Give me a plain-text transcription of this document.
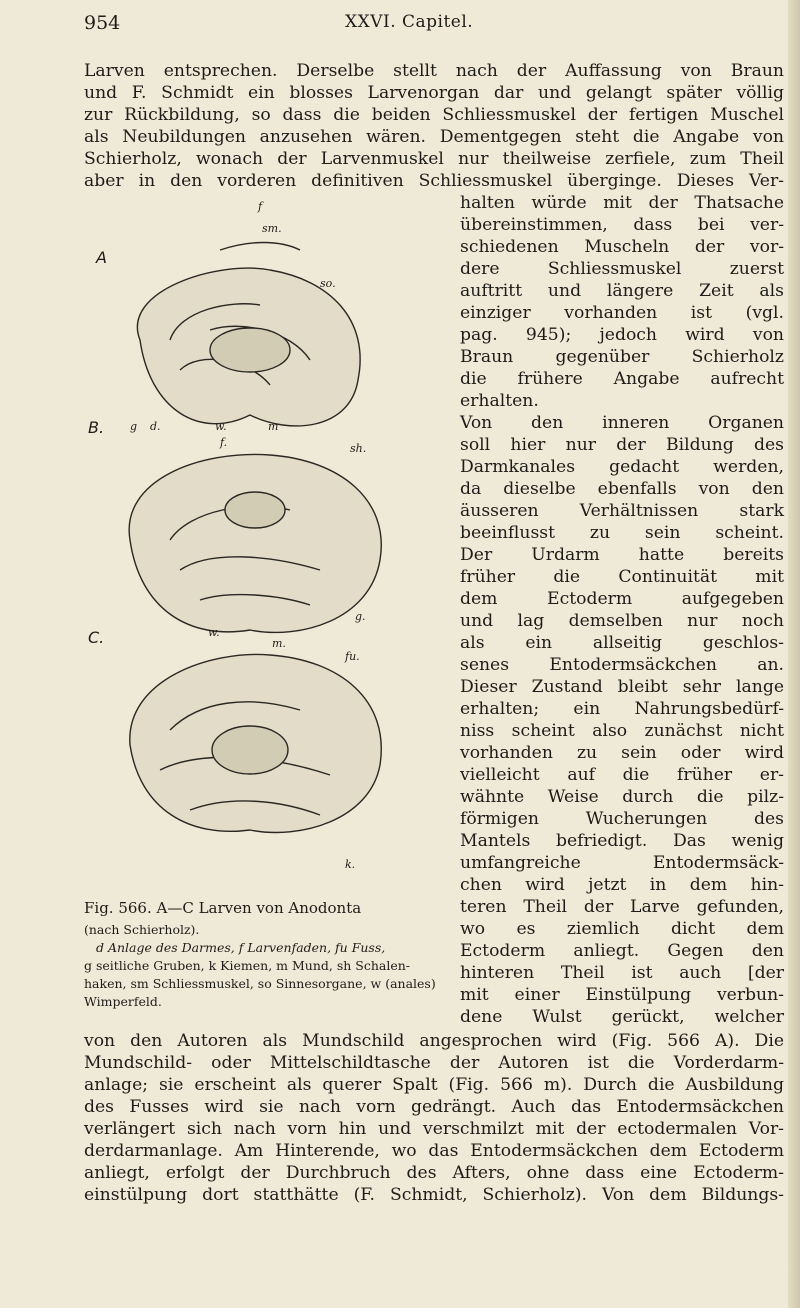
954	XXVI. Capitel.
Larven entsprechen. Derselbe stellt nach der Auffassung von Braun
und F. Schmidt ein blosses Larvenorgan dar und gelangt später völlig
zur Rückbildung, so dass die beiden Schliessmuskel der fertigen Muschel
als Neubildungen anzusehen wären. Dementgegen steht die Angabe von
Schierholz, wonach der Larvenmuskel nur theilweise zerfiele, zum Theil
aber in den vorderen definitiven Schliessmuskel überginge. Dieses Ver-
halten würde mit der Thatsache
übereinstimmen, dass bei ver-
schiedenen Muscheln der vor-
dere Schliessmuskel zuerst
auftritt und längere Zeit als
einziger vorhanden ist (vgl.
pag. 945); jedoch wird von
Braun gegenüber Schierholz
die frühere Angabe aufrecht
erhalten.
Von den inneren Organen
soll hier nur der Bildung des
Darmkanales gedacht werden,
da dieselbe ebenfalls von den
äusseren Verhältnissen stark
beeinflusst zu sein scheint.
Der Urdarm hatte bereits
früher die Continuität mit
dem Ectoderm aufgegeben
und lag demselben nur noch
als ein allseitig geschlos-
senes Entodermsäckchen an.
Dieser Zustand bleibt sehr lange
erhalten; ein Nahrungsbedürf-
niss scheint also zunächst nicht
vorhanden zu sein oder wird
vielleicht auf die früher er-
wähnte Weise durch die pilz-
förmigen Wucherungen des
Mantels befriedigt. Das wenig
umfangreiche Entodermsäck-
chen wird jetzt in dem hin-
teren Theil der Larve gefunden,
wo es ziemlich dicht dem
Ectoderm anliegt. Gegen den
hinteren Theil ist auch [der
mit einer Einstülpung verbun-
dene Wulst gerückt, welcher
Fig. 566. A—C Larven von Anodonta
(nach Schierholz).
d Anlage des Darmes, f Larvenfaden, fu Fuss,
g seitliche Gruben, k Kiemen, m Mund, sh Schalen-
haken, sm Schliessmuskel, so Sinnesorgane, w (anales)
Wimperfeld.
von den Autoren als Mundschild angesprochen wird (Fig. 566 A). Die
Mundschild- oder Mittelschildtasche der Autoren ist die Vorderdarm-
anlage; sie erscheint als querer Spalt (Fig. 566 m). Durch die Ausbildung
des Fusses wird sie nach vorn gedrängt. Auch das Entodermsäckchen
verlängert sich nach vorn hin und verschmilzt mit der ectodermalen Vor-
derdarmanlage. Am Hinterende, wo das Entodermsäckchen dem Ectoderm
anliegt, erfolgt der Durchbruch des Afters, ohne dass eine Ectoderm-
einstülpung dort statthätte (F. Schmidt, Schierholz). Von dem Bildungs-
A
B.
C.
f
sm.
so.
g d.	w.
f.
m
sh.
g.
w.
m.
fu.
k.
